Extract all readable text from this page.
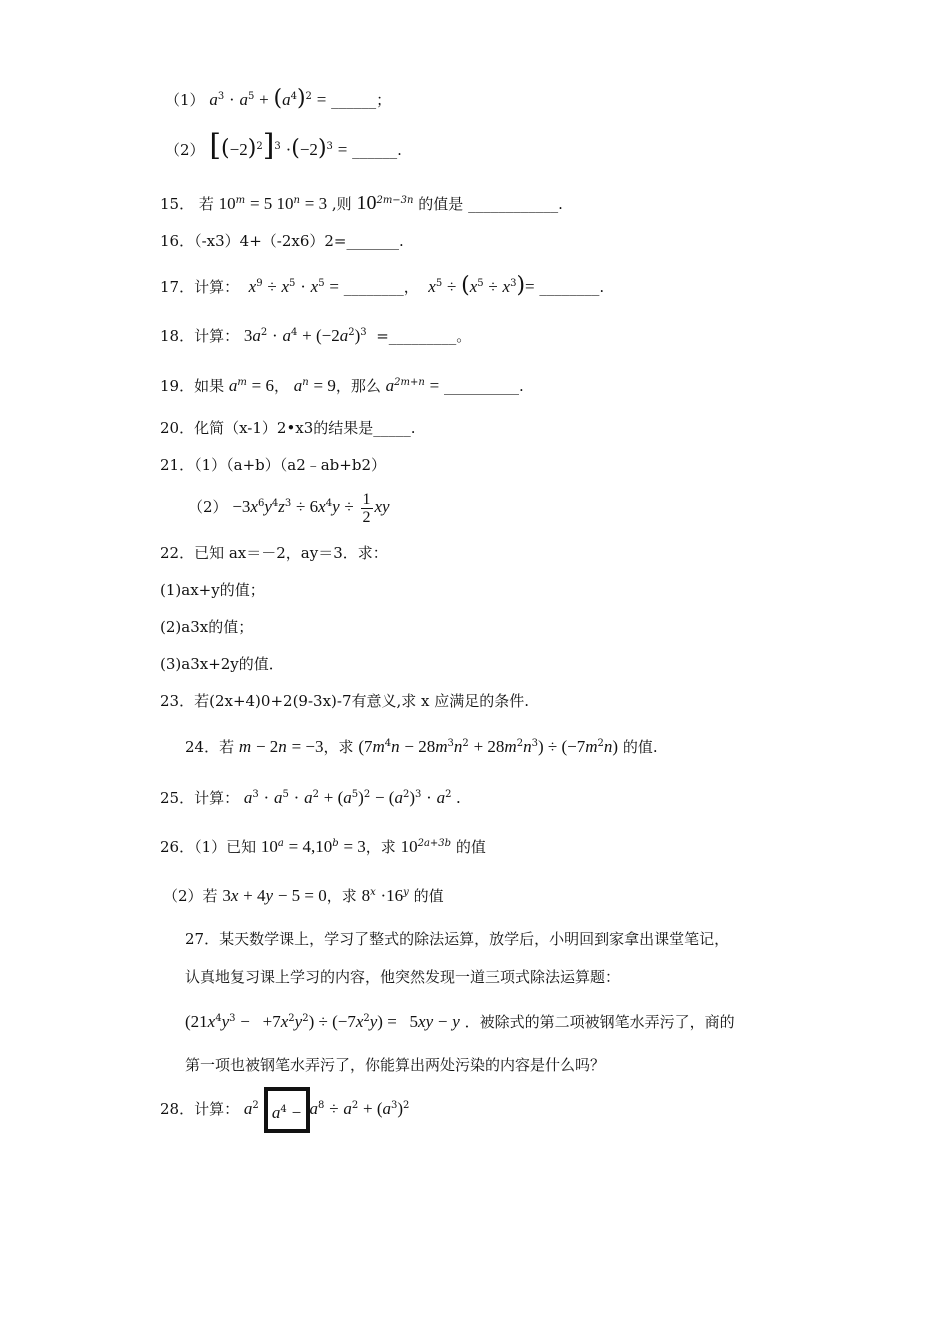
（1） $a^3 \cdot a^5 + (a^4)^2$ = ______；
（2） $[(-2)^2]^3 \cdot(-2)^3$ = ______.
15． 若 $10^m = 5$ $10^n = 3$ ,则 $10^{2m-3n}$ 的值是 ____________.
16．（-x3）4+（-2x6）2=_______.
17．计算： $x^9 \div x^5 \cdot x^5$ = ________， $x^5 \div (x^5 \div x^3)=$ ________.
18．计算： $3a^2 \cdot a^4 + (-2a^2)^3$ =_________。
19．如果 $a^m = 6$， $a^n = 9$，那么 $a^{2m+n}$ = __________.
20．化简（x-1）2•x3的结果是_____.
21．（1）（a+b）（a2﹣ab+b2）
$(2) -3x^6y^4z^3 \div 6x^4y \div \frac{1}{2}$ xy
22．已知 ax＝－2，ay＝3．求：
(1)ax+y的值；
(2)a3x的值；
(3)a3x+2y的值．
23．若(2x+4)0+2(9-3x)-7有意义,求 x 应满足的条件.
24．若 m − 2n = −3，求 $(7m^4n - 28m^3n^2 + 28m^2n^3) \div (-7m^2n)$ 的值.
25．计算： $a^3 \cdot a^5 \cdot a^2 + (a^5)^2 - (a^2)^3 \cdot a^2$ .
26．（1）已知 $10^a = 4,10^b = 3$，求 $10^{2a+3b}$ 的值
（2）若 3x + 4y − 5 = 0，求 $8^x \cdot 16^y$ 的值
27．某天数学课上，学习了整式的除法运算，放学后，小明回到家拿出课堂笔记，
认真地复习课上学习的内容，他突然发现一道三项式除法运算题：
$(21x^4y^3 - +7x^2y^2) \div (-7x^2y) = 5xy - y$ ．被除式的第二项被钢笔水弄污了，商的
第一项也被钢笔水弄污了，你能算出两处污染的内容是什么吗？
28．计算： $a^2$ $a^4 - a^8 \div a^2 + (a^3)^2$
